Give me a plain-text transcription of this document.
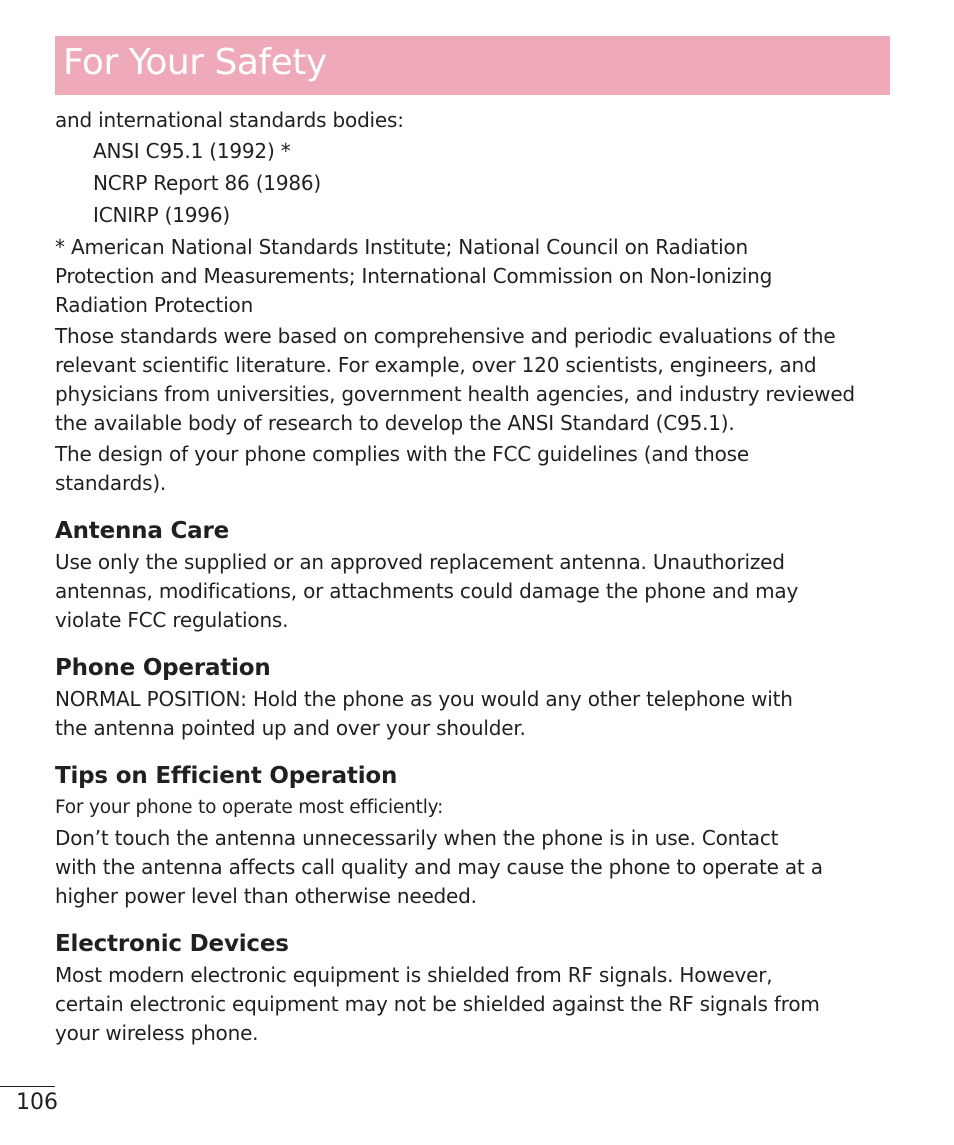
For Your Safety

and international standards bodies:

ANSI C95.1 (1992) *

NCRP Report 86 (1986)

ICNIRP (1996)

* American National Standards Institute; National Council on Radiation

Protection and Measurements; International Commission on Non-Ionizing

Radiation Protection

Those standards were based on comprehensive and periodic evaluations of the

relevant scientific literature. For example, over 120 scientists, engineers, and

physicians from universities, government health agencies, and industry reviewed

the available body of research to develop the ANSI Standard (C95.1).

The design of your phone complies with the FCC guidelines (and those

standards).

Antenna Care

Use only the supplied or an approved replacement antenna. Unauthorized

antennas, modifications, or attachments could damage the phone and may

violate FCC regulations.

Phone Operation

NORMAL POSITION: Hold the phone as you would any other telephone with

the antenna pointed up and over your shoulder.

Tips on Efficient Operation

For your phone to operate most efficiently:

Don’t touch the antenna unnecessarily when the phone is in use. Contact

with the antenna affects call quality and may cause the phone to operate at a

higher power level than otherwise needed.

Electronic Devices

Most modern electronic equipment is shielded from RF signals. However,

certain electronic equipment may not be shielded against the RF signals from

your wireless phone.

106
